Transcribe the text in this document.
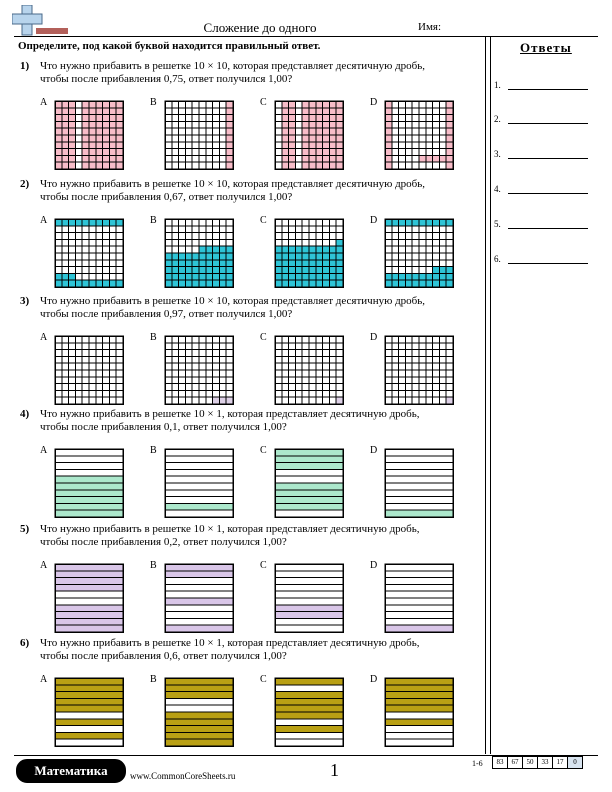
Сложение до одного	Имя:
Определите, под какой буквой находится правильный ответ.	Ответы
1.
2.
3.
4.
5.
6.
1) Что нужно прибавить в решетке 10 × 10, которая представляет десятичную дробь,
чтобы после прибавления 0,75, ответ получился 1,00?
A	B	C	D
2) Что нужно прибавить в решетке 10 × 10, которая представляет десятичную дробь,
чтобы после прибавления 0,67, ответ получился 1,00?
A	B	C	D
3) Что нужно прибавить в решетке 10 × 10, которая представляет десятичную дробь,
чтобы после прибавления 0,97, ответ получился 1,00?
A	B	C	D
4) Что нужно прибавить в решетке 10 × 1, которая представляет десятичную дробь,
чтобы после прибавления 0,1, ответ получился 1,00?
A	B	C	D
5) Что нужно прибавить в решетке 10 × 1, которая представляет десятичную дробь,
чтобы после прибавления 0,2, ответ получился 1,00?
A	B	C	D
6) Что нужно прибавить в решетке 10 × 1, которая представляет десятичную дробь,
чтобы после прибавления 0,6, ответ получился 1,00?
A	B	C	D
Математика	www.CommonCoreSheets.ru	1	1-6	83	67	50	33	17	0
